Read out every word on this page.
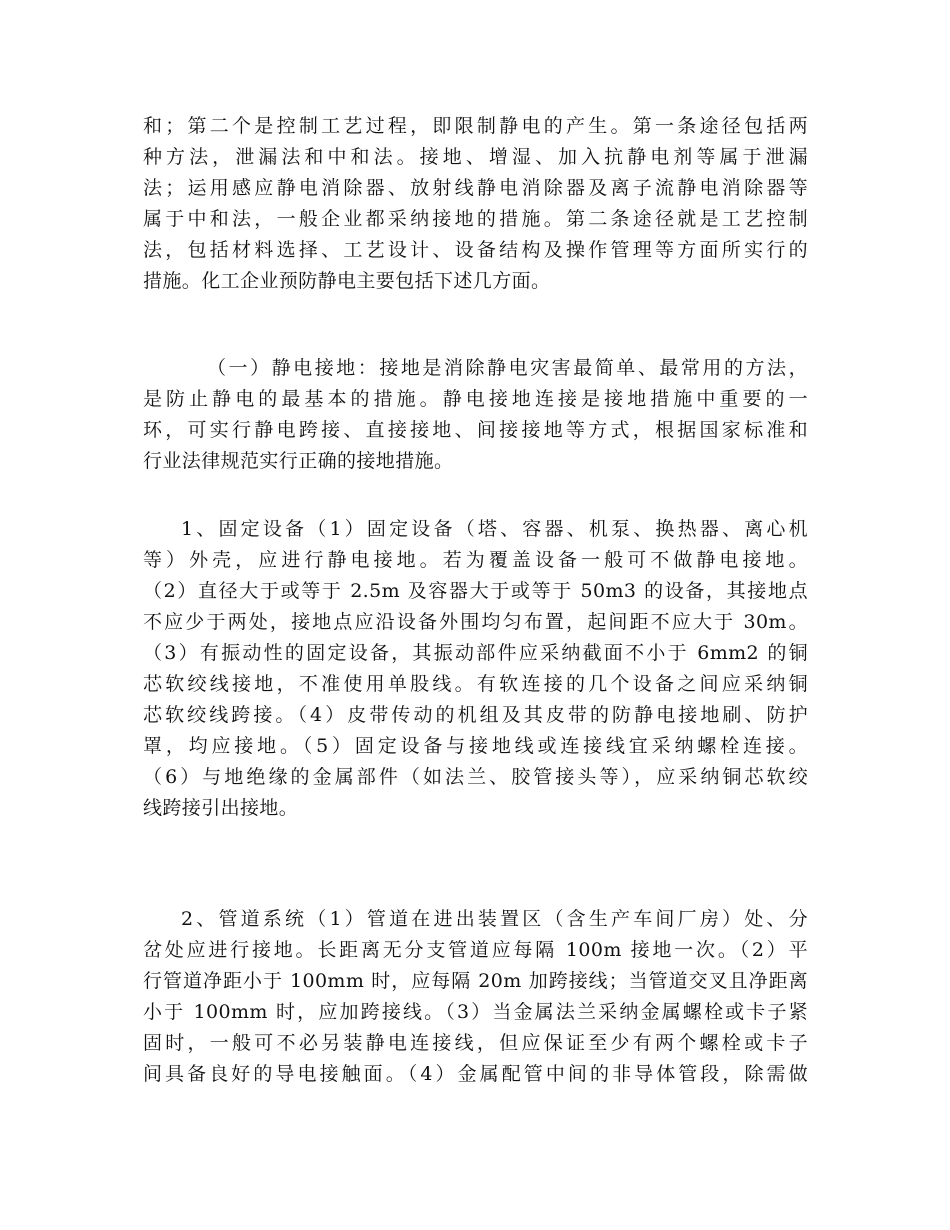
和；第二个是控制工艺过程，即限制静电的产生。第一条途径包括两
种方法，泄漏法和中和法。接地、增湿、加入抗静电剂等属于泄漏
法；运用感应静电消除器、放射线静电消除器及离子流静电消除器等
属于中和法，一般企业都采纳接地的措施。第二条途径就是工艺控制
法，包括材料选择、工艺设计、设备结构及操作管理等方面所实行的
措施。化工企业预防静电主要包括下述几方面。
（一）静电接地：接地是消除静电灾害最简单、最常用的方法，
是防止静电的最基本的措施。静电接地连接是接地措施中重要的一
环，可实行静电跨接、直接接地、间接接地等方式，根据国家标准和
行业法律规范实行正确的接地措施。
1、固定设备（1）固定设备（塔、容器、机泵、换热器、离心机
等）外壳，应进行静电接地。若为覆盖设备一般可不做静电接地。
（2）直径大于或等于 2.5m 及容器大于或等于 50m3 的设备，其接地点
不应少于两处，接地点应沿设备外围均匀布置，起间距不应大于 30m。
（3）有振动性的固定设备，其振动部件应采纳截面不小于 6mm2 的铜
芯软绞线接地，不准使用单股线。有软连接的几个设备之间应采纳铜
芯软绞线跨接。（4）皮带传动的机组及其皮带的防静电接地刷、防护
罩，均应接地。（5）固定设备与接地线或连接线宜采纳螺栓连接。
（6）与地绝缘的金属部件（如法兰、胶管接头等），应采纳铜芯软绞
线跨接引出接地。
2、管道系统（1）管道在进出装置区（含生产车间厂房）处、分
岔处应进行接地。长距离无分支管道应每隔 100m 接地一次。（2）平
行管道净距小于 100mm 时，应每隔 20m 加跨接线；当管道交叉且净距离
小于 100mm 时，应加跨接线。（3）当金属法兰采纳金属螺栓或卡子紧
固时，一般可不必另装静电连接线，但应保证至少有两个螺栓或卡子
间具备良好的导电接触面。（4）金属配管中间的非导体管段，除需做
